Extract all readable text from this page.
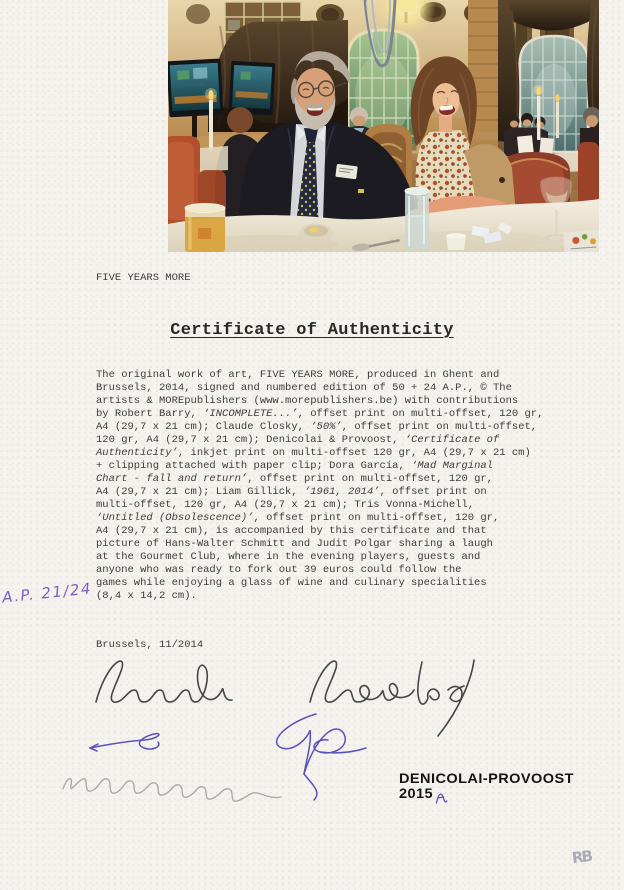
FIVE YEARS MORE
Certificate of Authenticity
The original work of art, FIVE YEARS MORE, produced in Ghent and
Brussels, 2014, signed and numbered edition of 50 + 24 A.P., © The
artists & MOREpublishers (www.morepublishers.be) with contributions
by Robert Barry, ‘INCOMPLETE...’, offset print on multi-offset, 120 gr,
A4 (29,7 x 21 cm); Claude Closky, ‘50%’, offset print on multi-offset,
120 gr, A4 (29,7 x 21 cm); Denicolai & Provoost, ‘Certificate of
Authenticity’, inkjet print on multi-offset 120 gr, A4 (29,7 x 21 cm)
+ clipping attached with paper clip; Dora García, ‘Mad Marginal
Chart - fall and return’, offset print on multi-offset, 120 gr,
A4 (29,7 x 21 cm); Liam Gillick, ‘1961, 2014’, offset print on
multi-offset, 120 gr, A4 (29,7 x 21 cm); Tris Vonna-Michell,
‘Untitled (Obsolescence)’, offset print on multi-offset, 120 gr,
A4 (29,7 x 21 cm), is accompanied by this certificate and that
picture of Hans-Walter Schmitt and Judit Polgar sharing a laugh
at the Gourmet Club, where in the evening players, guests and
anyone who was ready to fork out 39 euros could follow the
games while enjoying a glass of wine and culinary specialities
(8,4 x 14,2 cm).
Brussels, 11/2014
A.P. 21/24
DENICOLAI-PROVOOST
2015
RB
